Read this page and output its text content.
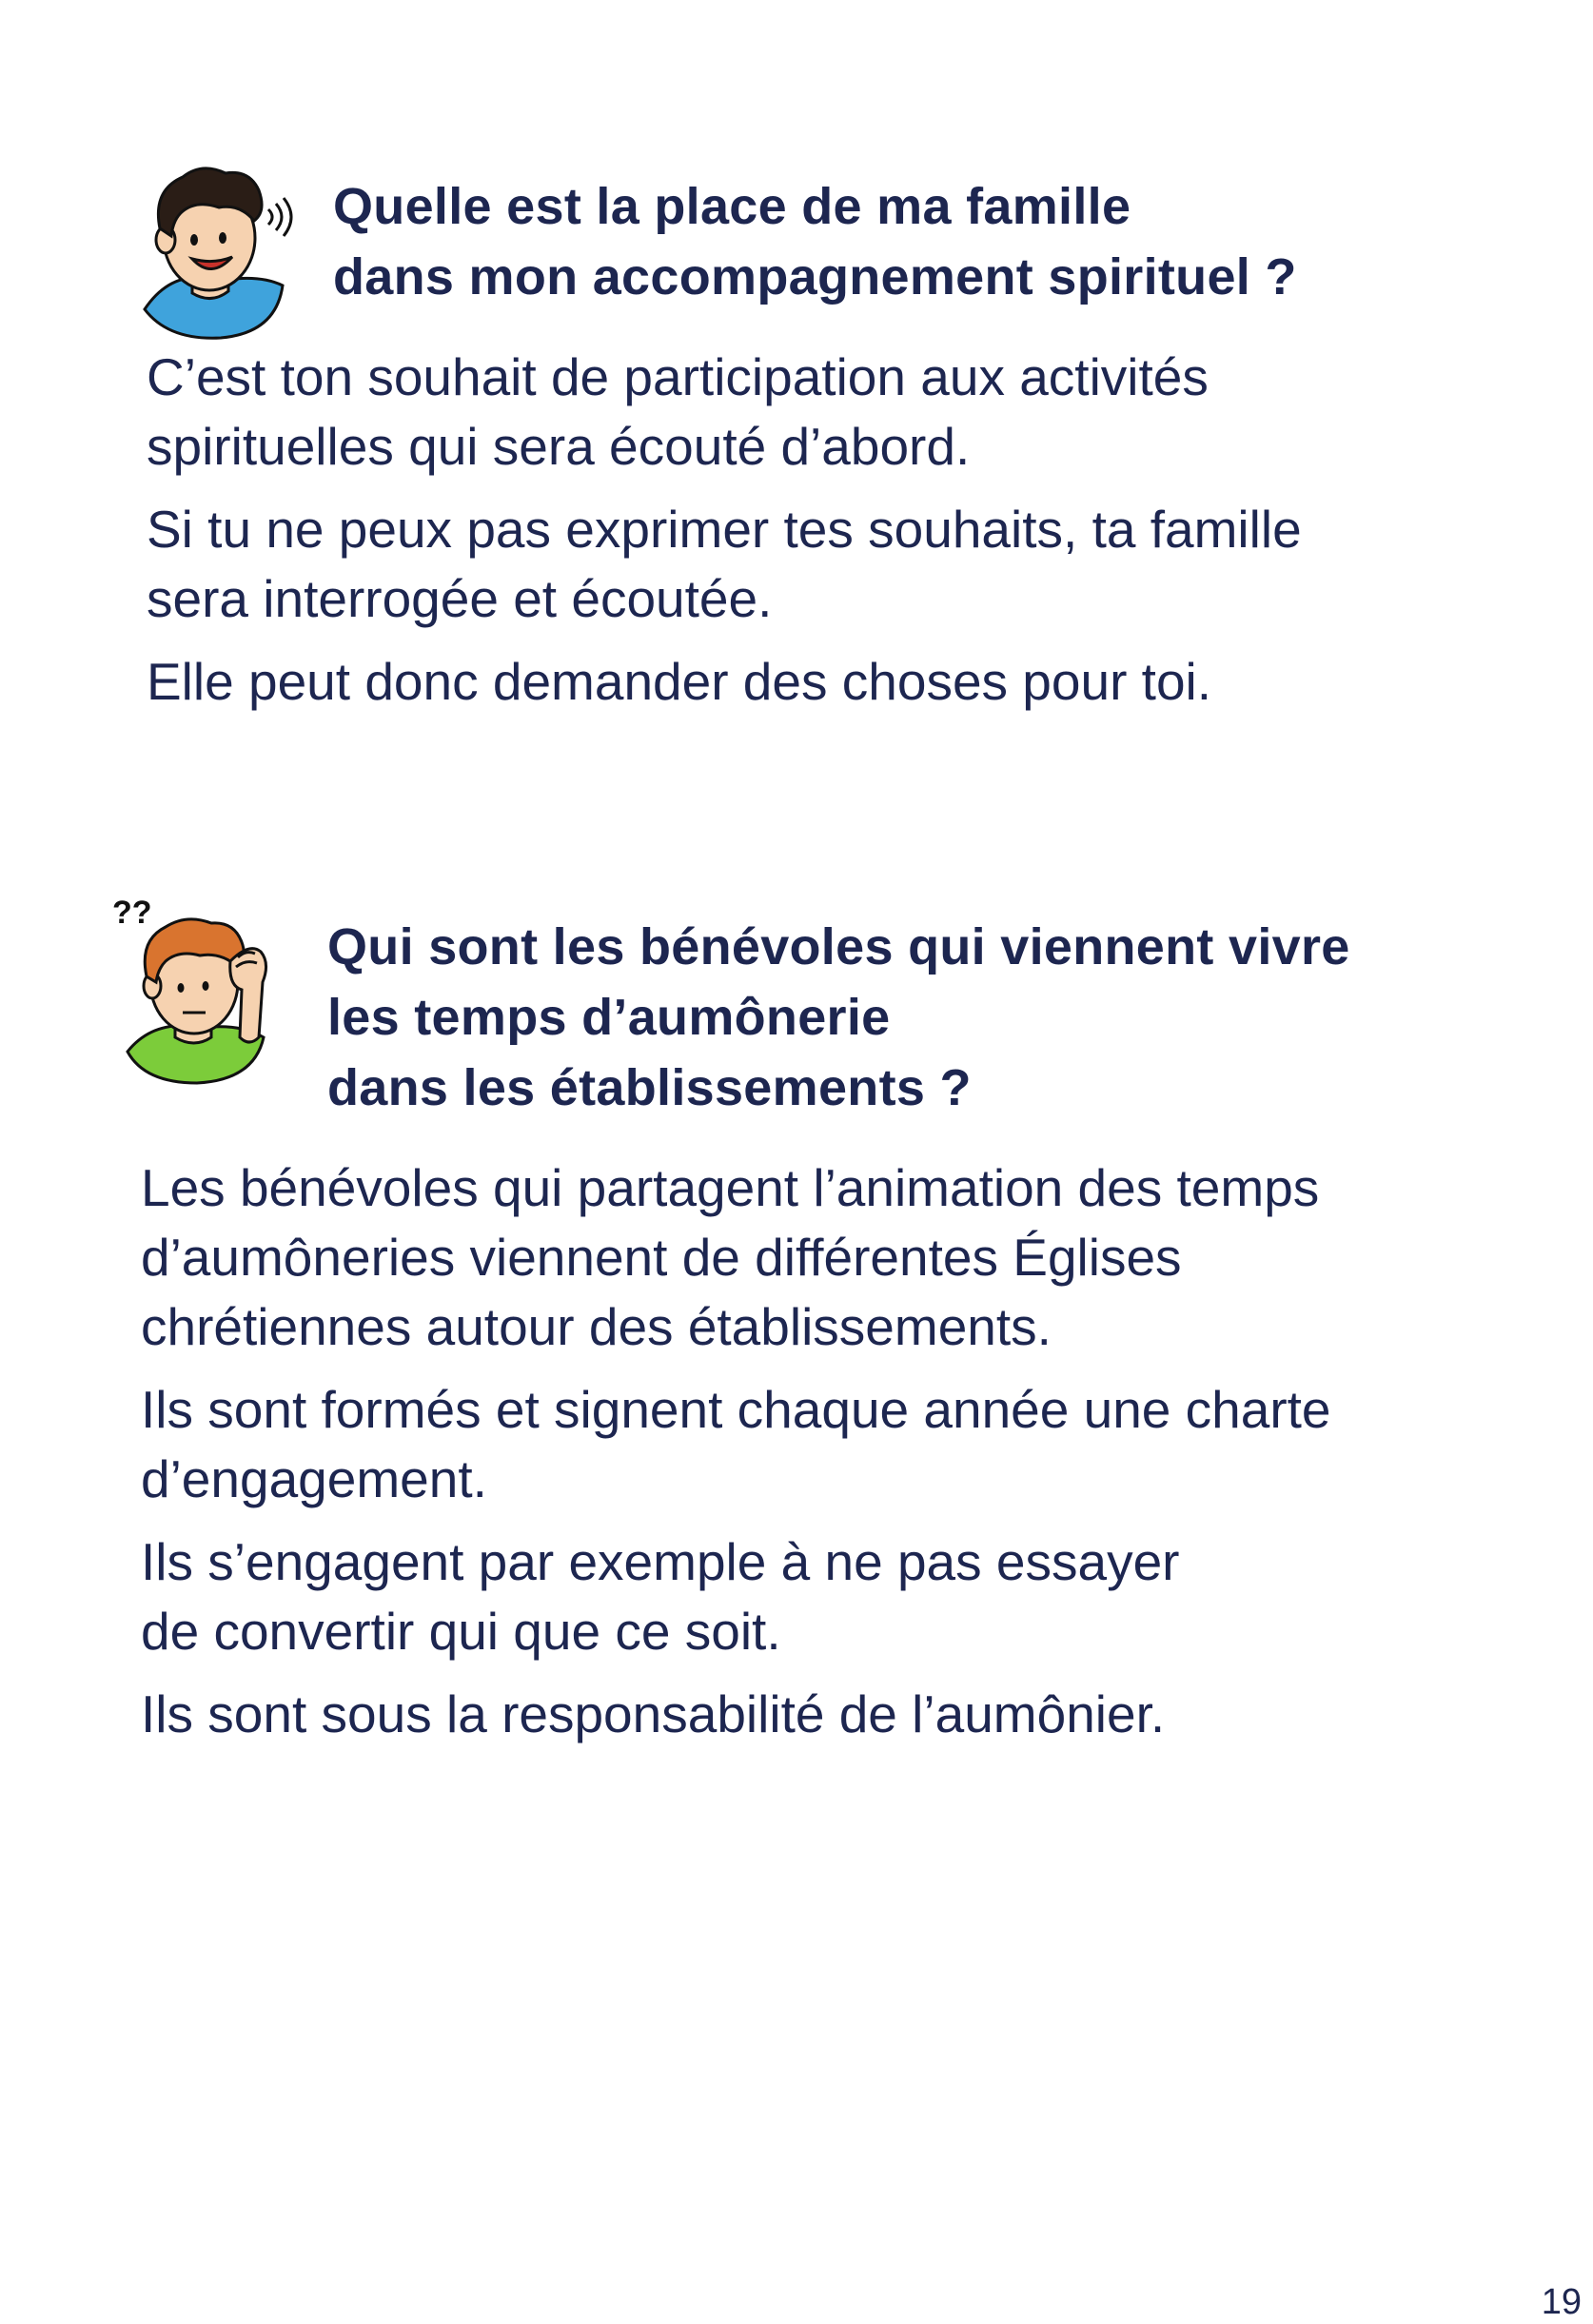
Quelle est la place de ma famille
dans mon accompagnement spirituel ?

C’est ton souhait de participation aux activités
spirituelles qui sera écouté d’abord.

Si tu ne peux pas exprimer tes souhaits, ta famille
sera interrogée et écoutée.

Elle peut donc demander des choses pour toi.

??
Qui sont les bénévoles qui viennent vivre
les temps d’aumônerie
dans les établissements ?

Les bénévoles qui partagent l’animation des temps
d’aumôneries viennent de différentes Églises
chrétiennes autour des établissements.

Ils sont formés et signent chaque année une charte
d’engagement.

Ils s’engagent par exemple à ne pas essayer
de convertir qui que ce soit.

Ils sont sous la responsabilité de l’aumônier.

19
